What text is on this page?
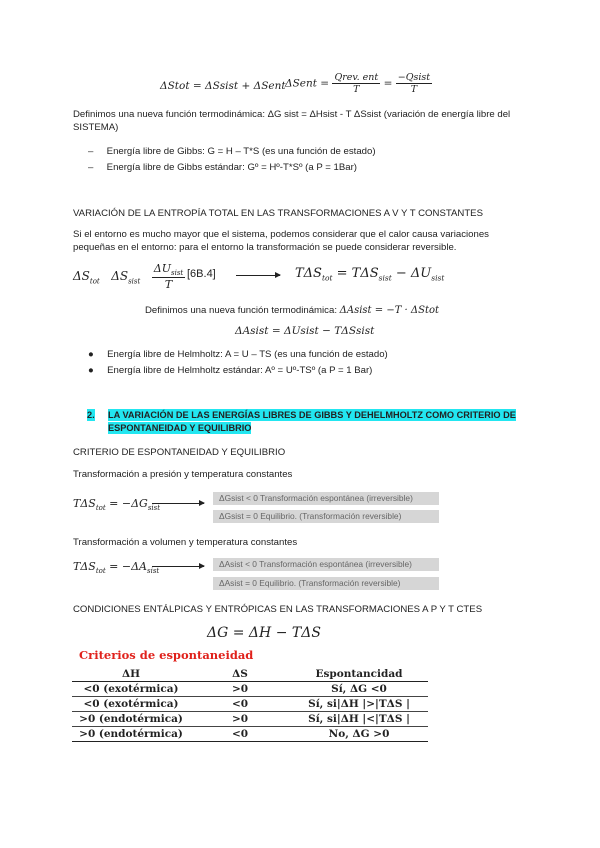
ΔStot = ΔSsist + ΔSent ΔSent = $\frac{\text{Qrev. ent}}{T} = \frac{\text{−Qsist}}{T}$
Definimos una nueva función termodinámica: ΔG sist = ΔHsist - T ΔSsist (variación de energía libre del SISTEMA)
–     Energía libre de Gibbs: G = H – T*S (es una función de estado)
–     Energía libre de Gibbs estándar: Gº = Hº-T*Sº (a P = 1Bar)
VARIACIÓN DE LA ENTROPÍA TOTAL EN LAS TRANSFORMACIONES A V Y T CONSTANTES
Si el entorno es mucho mayor que el sistema, podemos considerar que el calor causa variaciones pequeñas en el entorno: para el entorno la transformación se puede considerar reversible.
$\Delta S_{tot}$ $\Delta S_{sist} \frac{\Delta U_{sist}}{T} [6B.4]$	$T\Delta S_{tot} = T\Delta S_{sist} - \Delta U_{sist}$
Definimos una nueva función termodinámica: ΔAsist = −T · ΔStot
ΔAsist = ΔUsist − TΔSsist
●     Energía libre de Helmholtz: A = U – TS (es una función de estado)
●     Energía libre de Helmholtz estándar: Aº = Uº-TSº (a P = 1 Bar)
2. LA VARIACIÓN DE LAS ENERGÍAS LIBRES DE GIBBS Y DEHELMHOLTZ COMO CRITERIO DE
ESPONTANEIDAD Y EQUILIBRIO
CRITERIO DE ESPONTANEIDAD Y EQUILIBRIO
Transformación a presión y temperatura constantes
$T\Delta S_{tot} = -\Delta G_{sist}$
ΔGsist < 0 Transformación espontánea (irreversible)
ΔGsist = 0 Equilibrio. (Transformación reversible)
Transformación a volumen y temperatura constantes
$T\Delta S_{tot} = -\Delta A_{sist}$
ΔAsist < 0 Transformación espontánea (irreversible)
ΔAsist = 0 Equilibrio. (Transformación reversible)
CONDICIONES ENTÁLPICAS Y ENTRÓPICAS EN LAS TRANSFORMACIONES A P Y T CTES
ΔG = ΔH − TΔS
Criterios de espontaneidad
ΔH	ΔS	Espontancidad
<0 (exotérmica)	>0	Sí, ΔG <0
<0 (exotérmica)	<0	Sí, si|ΔH |>|TΔS |
>0 (endotérmica)	>0	Sí, si|ΔH |<|TΔS |
>0 (endotérmica)	<0	No, ΔG >0
